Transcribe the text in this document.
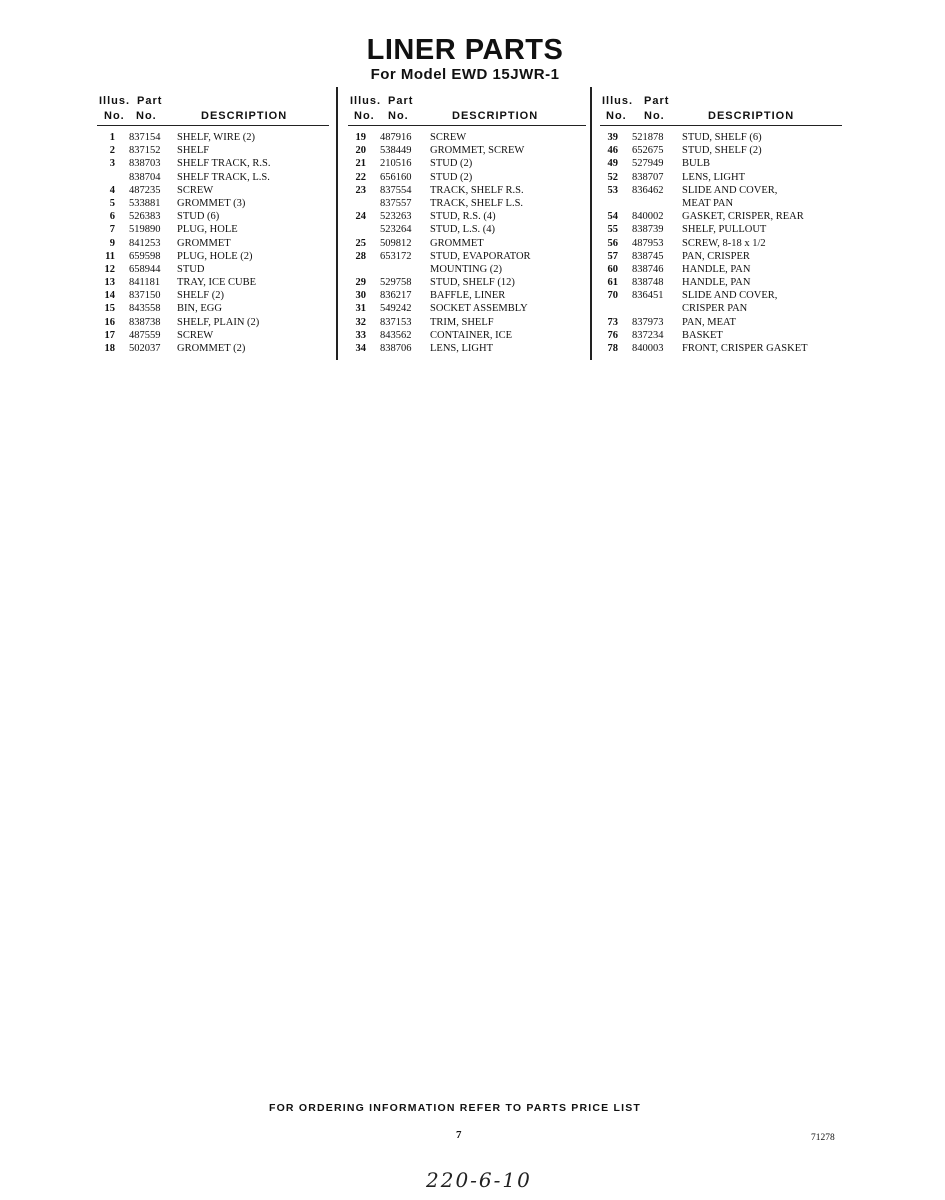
LINER PARTS
For Model EWD 15JWR-1
Illus. Part
No. No.	DESCRIPTION
1 837154 SHELF, WIRE (2)
2 837152 SHELF
3 838703 SHELF TRACK, R.S.
838704 SHELF TRACK, L.S.
4 487235 SCREW
5 533881 GROMMET (3)
6 526383 STUD (6)
7 519890 PLUG, HOLE
9 841253 GROMMET
11 659598 PLUG, HOLE (2)
12 658944 STUD
13 841181 TRAY, ICE CUBE
14 837150 SHELF (2)
15 843558 BIN, EGG
16 838738 SHELF, PLAIN (2)
17 487559 SCREW
18 502037 GROMMET (2)
Illus. Part
No. No.	DESCRIPTION
19 487916 SCREW
20 538449 GROMMET, SCREW
21 210516 STUD (2)
22 656160 STUD (2)
23 837554 TRACK, SHELF R.S.
837557 TRACK, SHELF L.S.
24 523263 STUD, R.S. (4)
523264 STUD, L.S. (4)
25 509812 GROMMET
28 653172 STUD, EVAPORATOR
MOUNTING (2)
29 529758 STUD, SHELF (12)
30 836217 BAFFLE, LINER
31 549242 SOCKET ASSEMBLY
32 837153 TRIM, SHELF
33 843562 CONTAINER, ICE
34 838706 LENS, LIGHT
Illus. Part
No. No.	DESCRIPTION
39 521878 STUD, SHELF (6)
46 652675 STUD, SHELF (2)
49 527949 BULB
52 838707 LENS, LIGHT
53 836462 SLIDE AND COVER,
MEAT PAN
54 840002 GASKET, CRISPER, REAR
55 838739 SHELF, PULLOUT
56 487953 SCREW, 8-18 x 1/2
57 838745 PAN, CRISPER
60 838746 HANDLE, PAN
61 838748 HANDLE, PAN
70 836451 SLIDE AND COVER,
CRISPER PAN
73 837973 PAN, MEAT
76 837234 BASKET
78 840003 FRONT, CRISPER GASKET
FOR ORDERING INFORMATION REFER TO PARTS PRICE LIST
7	71278
220-6-10
